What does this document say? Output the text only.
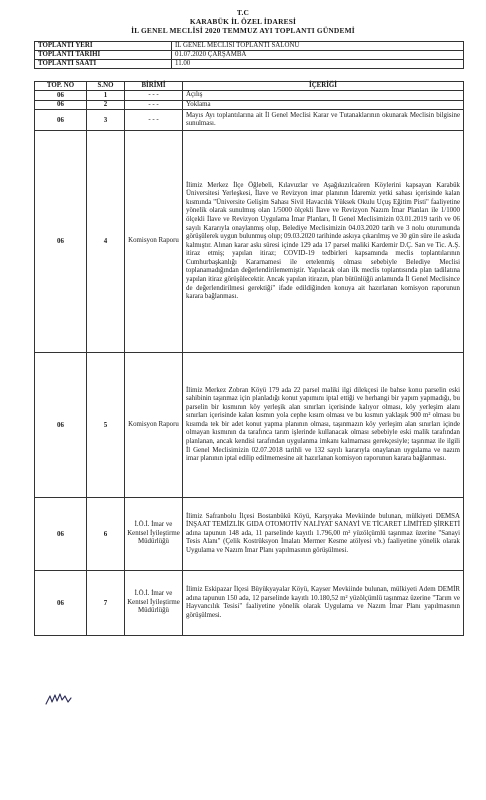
T.C
KARABÜK İL ÖZEL İDARESİ
İL GENEL MECLİSİ 2020 TEMMUZ AYI TOPLANTI GÜNDEMİ
TOPLANTI YERİ	İL GENEL MECLİSİ TOPLANTI SALONU
TOPLANTI TARİHİ	01.07.2020 ÇARŞAMBA
TOPLANTI SAATİ	11.00
TOP. NO	S.NO	BİRİMİ	İÇERİĞİ
06	1	- - -	Açılış
06	2	- - -	Yoklama
06	3	- - -	Mayıs Ayı toplantılarına ait İl Genel Meclisi Karar ve Tutanaklarının okunarak Meclisin bilgisine sunulması.
06	4	Komisyon Raporu	İlimiz Merkez İlçe Öğlebeli, Kılavuzlar ve Aşağıkızılcaören Köylerini kapsayan Karabük Üniversitesi Yerleşkesi, İlave ve Revizyon imar planının İdaremiz yetki sahası içerisinde kalan kısmında "Üniversite Gelişim Sahası Sivil Havacılık Yüksek Okulu Uçuş Eğitim Pisti" faaliyetine yönelik olarak sunulmuş olan 1/5000 ölçekli İlave ve Revizyon Nazım İmar Planları ile 1/1000 ölçekli İlave ve Revizyon Uygulama İmar Planları, İl Genel Meclisimizin 03.01.2019 tarih ve 06 sayılı Kararıyla onaylanmış olup, Belediye Meclisimizin 04.03.2020 tarih ve 3 nolu oturumunda görüşülerek uygun bulunmuş olup; 09.03.2020 tarihinde askıya çıkarılmış ve 30 gün süre ile askıda kalmıştır. Alınan karar askı süresi içinde 129 ada 17 parsel maliki Kardemir D.Ç. San ve Tic. A.Ş. itiraz etmiş; yapılan itiraz; COVID-19 tedbirleri kapsamında meclis toplantılarının Cumhurbaşkanlığı Kararnamesi ile ertelenmiş olması sebebiyle Belediye Meclisi toplanamadığından değerlendirilememiştir. Yapılacak olan ilk meclis toplantısında plan tadilatına yapılan itiraz görüşülecektir. Ancak yapılan itirazın, plan bütünlüğü anlamında İl Genel Meclisince de değerlendirilmesi gerektiği" ifade edildiğinden konuya ait hazırlanan komisyon raporunun karara bağlanması.
06	5	Komisyon Raporu	İlimiz Merkez Zobran Köyü 179 ada 22 parsel maliki ilgi dilekçesi ile bahse konu parselin eski sahibinin taşınmaz için planladığı konut yapımını iptal ettiği ve herhangi bir yapım yapmadığı, bu parselin bir kısmının köy yerleşik alan sınırları içerisinde kalıyor olması, köy yerleşim alanı sınırları içerisinde kalan kısmın yola cephe kısım olması ve bu kısmın yaklaşık 900 m² olması bu kısımda tek bir adet konut yapma planının olması, taşınmazın köy yerleşim alan sınırları içinde olmayan kısmının da tarafınca tarım işlerinde kullanacak olması sebebiyle eski malik tarafından planlanan, ancak kendisi tarafından uygulanma imkanı kalmaması gerekçesiyle; taşınmaz ile ilgili İl Genel Meclisimizin 02.07.2018 tarihli ve 132 sayılı kararıyla onaylanan uygulama ve nazım imar planının iptal edilip edilmemesine ait hazırlanan komisyon raporunun karara bağlanması.
06	6	İ.Ö.İ. İmar ve Kentsel İyileştirme Müdürlüğü	İlimiz Safranbolu İlçesi Bostanbükü Köyü, Karşıyaka Mevkiinde bulunan, mülkiyeti DEMSA İNŞAAT TEMİZLİK GIDA OTOMOTİV NALİYAT SANAYİ VE TİCARET LİMİTED ŞİRKETİ adına tapunun 148 ada, 11 parselinde kayıtlı 1.796,00 m² yüzölçümlü taşınmaz üzerine "Sanayi Tesis Alanı" (Çelik Kostrüksyon İmalatı Mermer Kesme atölyesi vb.) faaliyetine yönelik olarak Uygulama ve Nazım İmar Planı yapılmasının görüşülmesi.
06	7	İ.Ö.İ. İmar ve Kentsel İyileştirme Müdürlüğü	İlimiz Eskipazar İlçesi Büyükyayalar Köyü, Kayser Mevkiinde bulunan, mülkiyeti Adem DEMİR adına tapunun 150 ada, 12 parselinde kayıtlı 10.180,52 m² yüzölçümlü taşınmaz üzerine "Tarım ve Hayvancılık Tesisi" faaliyetine yönelik olarak Uygulama ve Nazım İmar Planı yapılmasının görüşülmesi.
